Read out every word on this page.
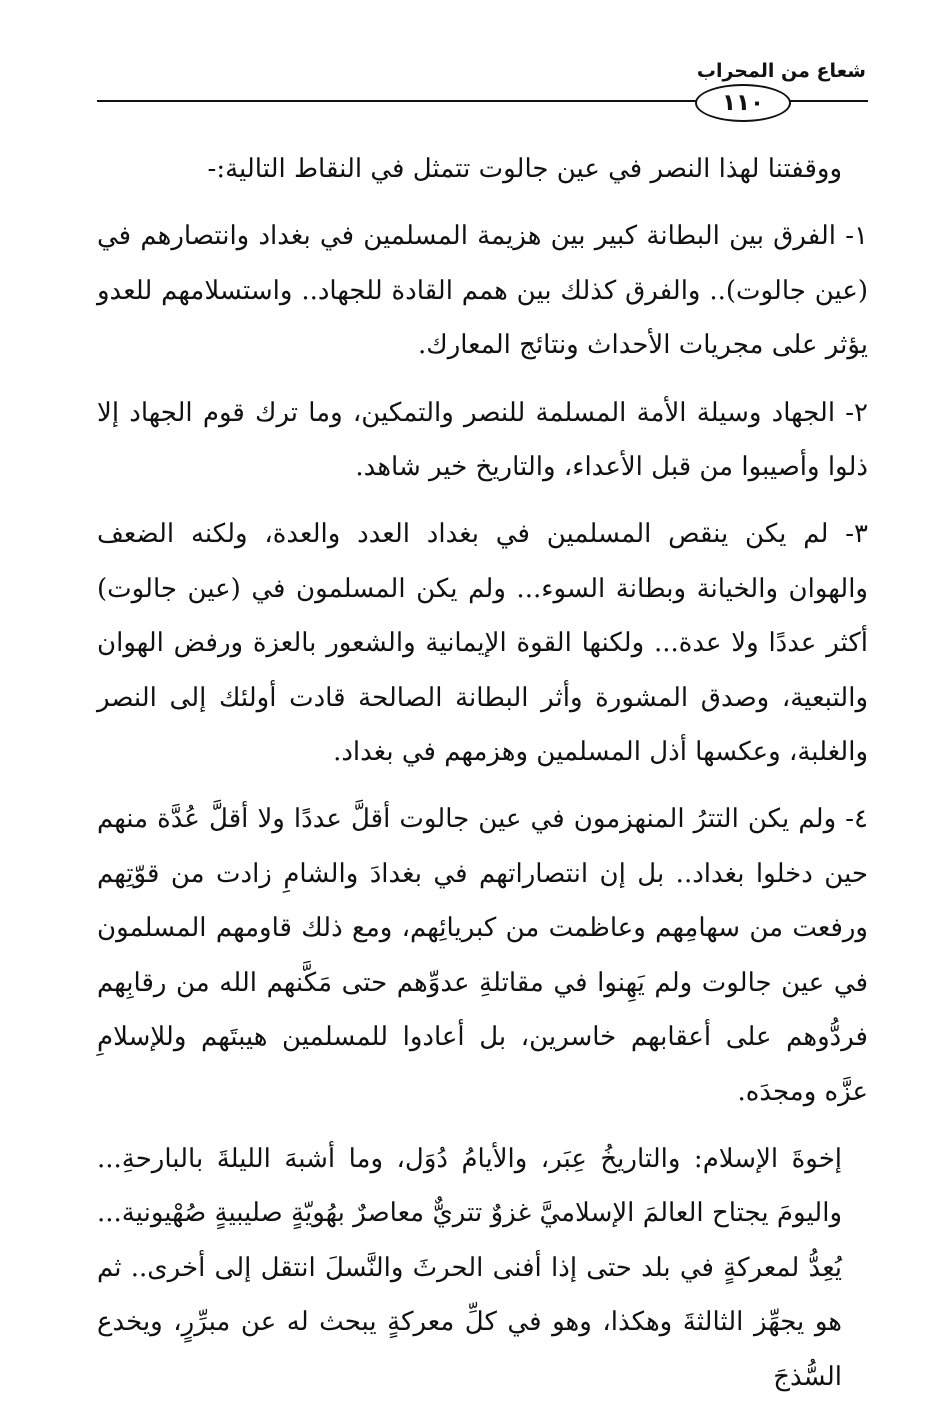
شعاع من المحراب
١١٠

ووقفتنا لهذا النصر في عين جالوت تتمثل في النقاط التالية:-

١- الفرق بين البطانة كبير بين هزيمة المسلمين في بغداد وانتصارهم في (عين جالوت).. والفرق كذلك بين همم القادة للجهاد.. واستسلامهم للعدو يؤثر على مجريات الأحداث ونتائج المعارك.

٢- الجهاد وسيلة الأمة المسلمة للنصر والتمكين، وما ترك قوم الجهاد إلا ذلوا وأصيبوا من قبل الأعداء، والتاريخ خير شاهد.

٣- لم يكن ينقص المسلمين في بغداد العدد والعدة، ولكنه الضعف والهوان والخيانة وبطانة السوء... ولم يكن المسلمون في (عين جالوت) أكثر عددًا ولا عدة... ولكنها القوة الإيمانية والشعور بالعزة ورفض الهوان والتبعية، وصدق المشورة وأثر البطانة الصالحة قادت أولئك إلى النصر والغلبة، وعكسها أذل المسلمين وهزمهم في بغداد.

٤- ولم يكن التترُ المنهزمون في عين جالوت أقلَّ عددًا ولا أقلَّ عُدَّة منهم حين دخلوا بغداد.. بل إن انتصاراتهم في بغدادَ والشامِ زادت من قوّتِهم ورفعت من سهامِهم وعاظمت من كبريائِهم، ومع ذلك قاومهم المسلمون في عين جالوت ولم يَهِنوا في مقاتلةِ عدوِّهم حتى مَكَّنهم الله من رقابِهم فردُّوهم على أعقابهم خاسرين، بل أعادوا للمسلمين هيبتَهم وللإسلامِ عزَّه ومجدَه.

إخوةَ الإسلام: والتاريخُ عِبَر، والأيامُ دُوَل، وما أشبهَ الليلةَ بالبارحةِ... واليومَ يجتاح العالمَ الإسلاميَّ غزوٌ تتريٌّ معاصرٌ بهُويّةٍ صليبيةٍ صُهْيونية... يُعِدُّ لمعركةٍ في بلد حتى إذا أفنى الحرثَ والنَّسلَ انتقل إلى أخرى.. ثم هو يجهِّز الثالثةَ وهكذا، وهو في كلِّ معركةٍ يبحث له عن مبرِّرٍ، ويخدع السُّذجَ
